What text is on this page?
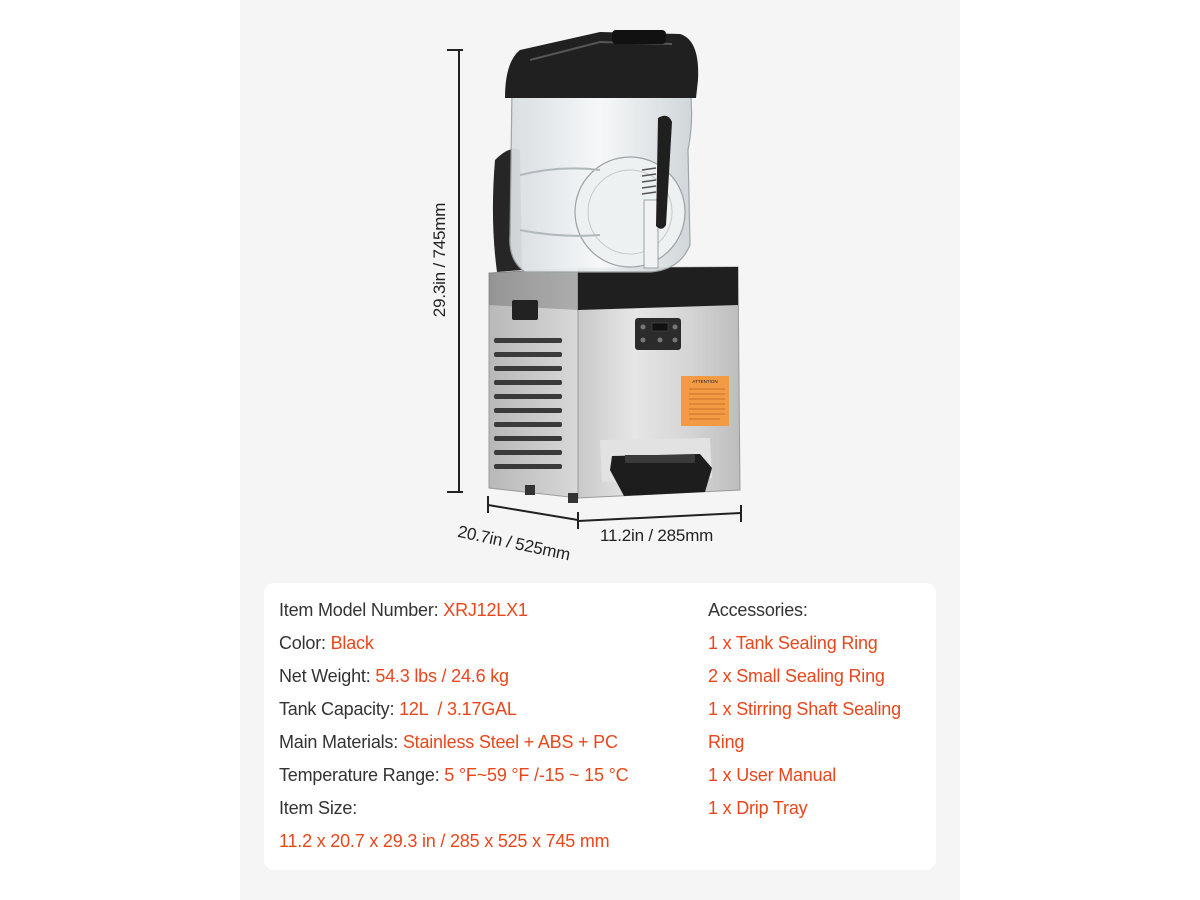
ATTENTION
29.3in / 745mm
20.7in / 525mm 11.2in / 285mm
Item Model Number: XRJ12LX1
Color: Black
Net Weight: 54.3 lbs / 24.6 kg
Tank Capacity: 12L  / 3.17GAL
Main Materials: Stainless Steel + ABS + PC
Temperature Range: 5 °F~59 °F /-15 ~ 15 °C
Item Size:
11.2 x 20.7 x 29.3 in / 285 x 525 x 745 mm
Accessories:
1 x Tank Sealing Ring
2 x Small Sealing Ring
1 x Stirring Shaft Sealing
Ring
1 x User Manual
1 x Drip Tray
